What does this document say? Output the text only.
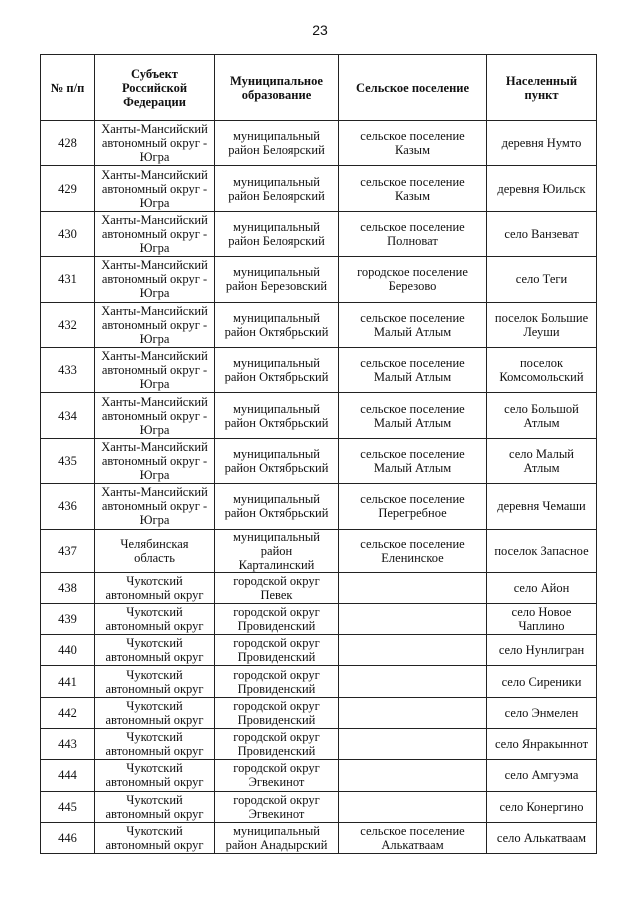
23
№ п/п	Субъект
Российской
Федерации	Муниципальное
образование	Сельское поселение	Населенный
пункт
428	Ханты-Мансийский
автономный округ -
Югра	муниципальный
район Белоярский	сельское поселение
Казым	деревня Нумто
429	Ханты-Мансийский
автономный округ -
Югра	муниципальный
район Белоярский	сельское поселение
Казым	деревня Юильск
430	Ханты-Мансийский
автономный округ -
Югра	муниципальный
район Белоярский	сельское поселение
Полноват	село Ванзеват
431	Ханты-Мансийский
автономный округ -
Югра	муниципальный
район Березовский	городское поселение
Березово	село Теги
432	Ханты-Мансийский
автономный округ -
Югра	муниципальный
район Октябрьский	сельское поселение
Малый Атлым	поселок Большие
Леуши
433	Ханты-Мансийский
автономный округ -
Югра	муниципальный
район Октябрьский	сельское поселение
Малый Атлым	поселок
Комсомольский
434	Ханты-Мансийский
автономный округ -
Югра	муниципальный
район Октябрьский	сельское поселение
Малый Атлым	село Большой
Атлым
435	Ханты-Мансийский
автономный округ -
Югра	муниципальный
район Октябрьский	сельское поселение
Малый Атлым	село Малый
Атлым
436	Ханты-Мансийский
автономный округ -
Югра	муниципальный
район Октябрьский	сельское поселение
Перегребное	деревня Чемаши
437	Челябинская
область	муниципальный
район
Карталинский	сельское поселение
Еленинское	поселок Запасное
438	Чукотский
автономный округ	городской округ
Певек		село Айон
439	Чукотский
автономный округ	городской округ
Провиденский		село Новое
Чаплино
440	Чукотский
автономный округ	городской округ
Провиденский		село Нунлигран
441	Чукотский
автономный округ	городской округ
Провиденский		село Сиреники
442	Чукотский
автономный округ	городской округ
Провиденский		село Энмелен
443	Чукотский
автономный округ	городской округ
Провиденский		село Янракыннот
444	Чукотский
автономный округ	городской округ
Эгвекинот		село Амгуэма
445	Чукотский
автономный округ	городской округ
Эгвекинот		село Конергино
446	Чукотский
автономный округ	муниципальный
район Анадырский	сельское поселение
Алькатваам	село Алькатваам
